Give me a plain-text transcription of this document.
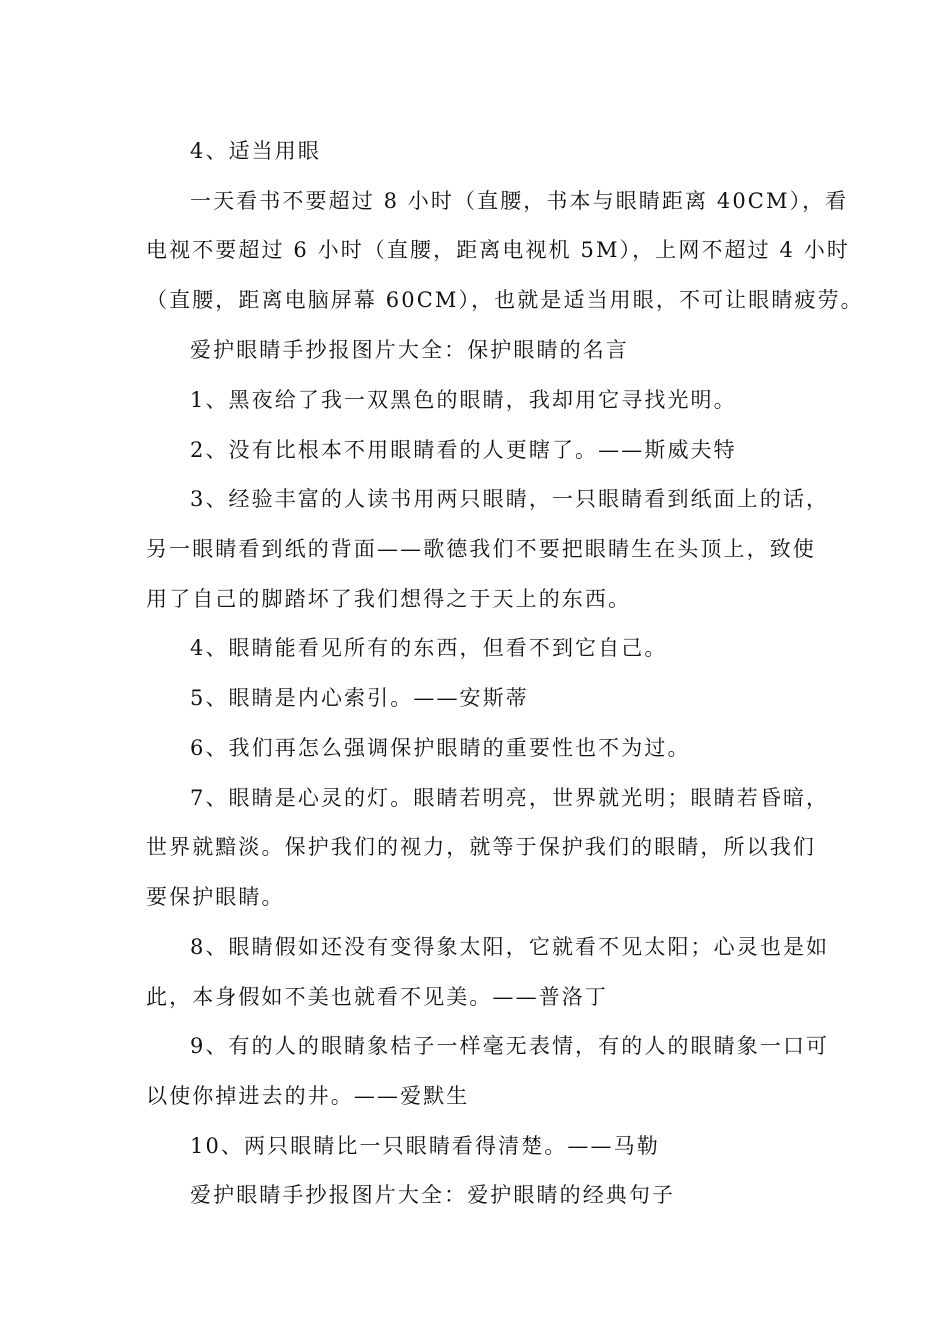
4、适当用眼
一天看书不要超过 8 小时（直腰，书本与眼睛距离 40CM），看
电视不要超过 6 小时（直腰，距离电视机 5M），上网不超过 4 小时
（直腰，距离电脑屏幕 60CM），也就是适当用眼，不可让眼睛疲劳。
爱护眼睛手抄报图片大全：保护眼睛的名言
1、黑夜给了我一双黑色的眼睛，我却用它寻找光明。
2、没有比根本不用眼睛看的人更瞎了。——斯威夫特
3、经验丰富的人读书用两只眼睛，一只眼睛看到纸面上的话，
另一眼睛看到纸的背面——歌德我们不要把眼睛生在头顶上，致使
用了自己的脚踏坏了我们想得之于天上的东西。
4、眼睛能看见所有的东西，但看不到它自己。
5、眼睛是内心索引。——安斯蒂
6、我们再怎么强调保护眼睛的重要性也不为过。
7、眼睛是心灵的灯。眼睛若明亮，世界就光明；眼睛若昏暗，
世界就黯淡。保护我们的视力，就等于保护我们的眼睛，所以我们
要保护眼睛。
8、眼睛假如还没有变得象太阳，它就看不见太阳；心灵也是如
此，本身假如不美也就看不见美。——普洛丁
9、有的人的眼睛象桔子一样毫无表情，有的人的眼睛象一口可
以使你掉进去的井。——爱默生
10、两只眼睛比一只眼睛看得清楚。——马勒
爱护眼睛手抄报图片大全：爱护眼睛的经典句子
